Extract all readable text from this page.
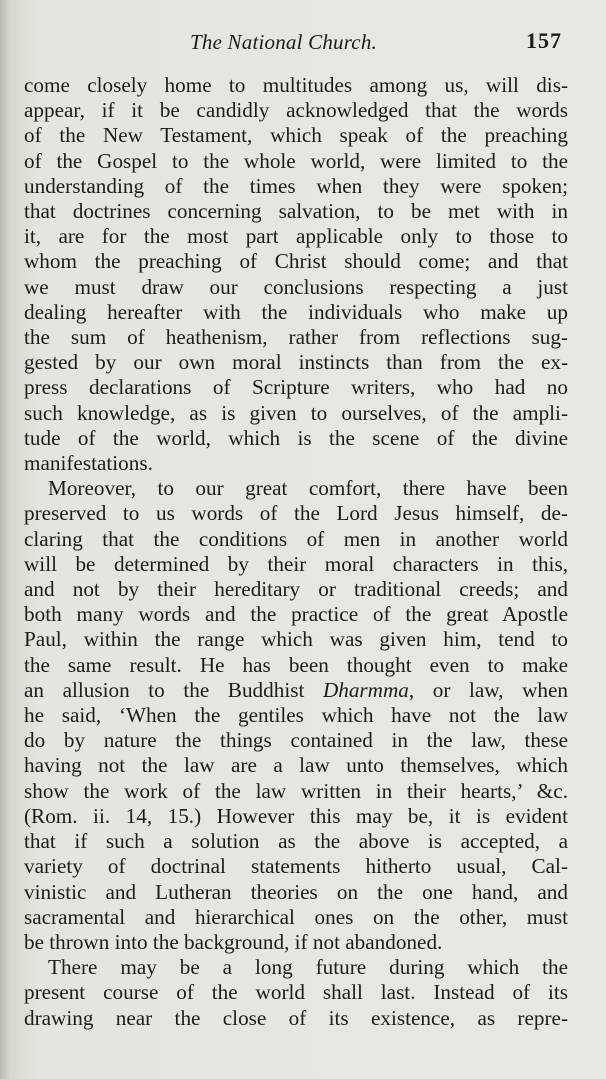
The National Church.	157
come closely home to multitudes among us, will dis-
appear, if it be candidly acknowledged that the words
of the New Testament, which speak of the preaching
of the Gospel to the whole world, were limited to the
understanding of the times when they were spoken;
that doctrines concerning salvation, to be met with in
it, are for the most part applicable only to those to
whom the preaching of Christ should come; and that
we must draw our conclusions respecting a just
dealing hereafter with the individuals who make up
the sum of heathenism, rather from reflections sug-
gested by our own moral instincts than from the ex-
press declarations of Scripture writers, who had no
such knowledge, as is given to ourselves, of the ampli-
tude of the world, which is the scene of the divine
manifestations.
Moreover, to our great comfort, there have been
preserved to us words of the Lord Jesus himself, de-
claring that the conditions of men in another world
will be determined by their moral characters in this,
and not by their hereditary or traditional creeds; and
both many words and the practice of the great Apostle
Paul, within the range which was given him, tend to
the same result. He has been thought even to make
an allusion to the Buddhist Dharmma, or law, when
he said, ‘When the gentiles which have not the law
do by nature the things contained in the law, these
having not the law are a law unto themselves, which
show the work of the law written in their hearts,’ &c.
(Rom. ii. 14, 15.) However this may be, it is evident
that if such a solution as the above is accepted, a
variety of doctrinal statements hitherto usual, Cal-
vinistic and Lutheran theories on the one hand, and
sacramental and hierarchical ones on the other, must
be thrown into the background, if not abandoned.
There may be a long future during which the
present course of the world shall last. Instead of its
drawing near the close of its existence, as repre-
